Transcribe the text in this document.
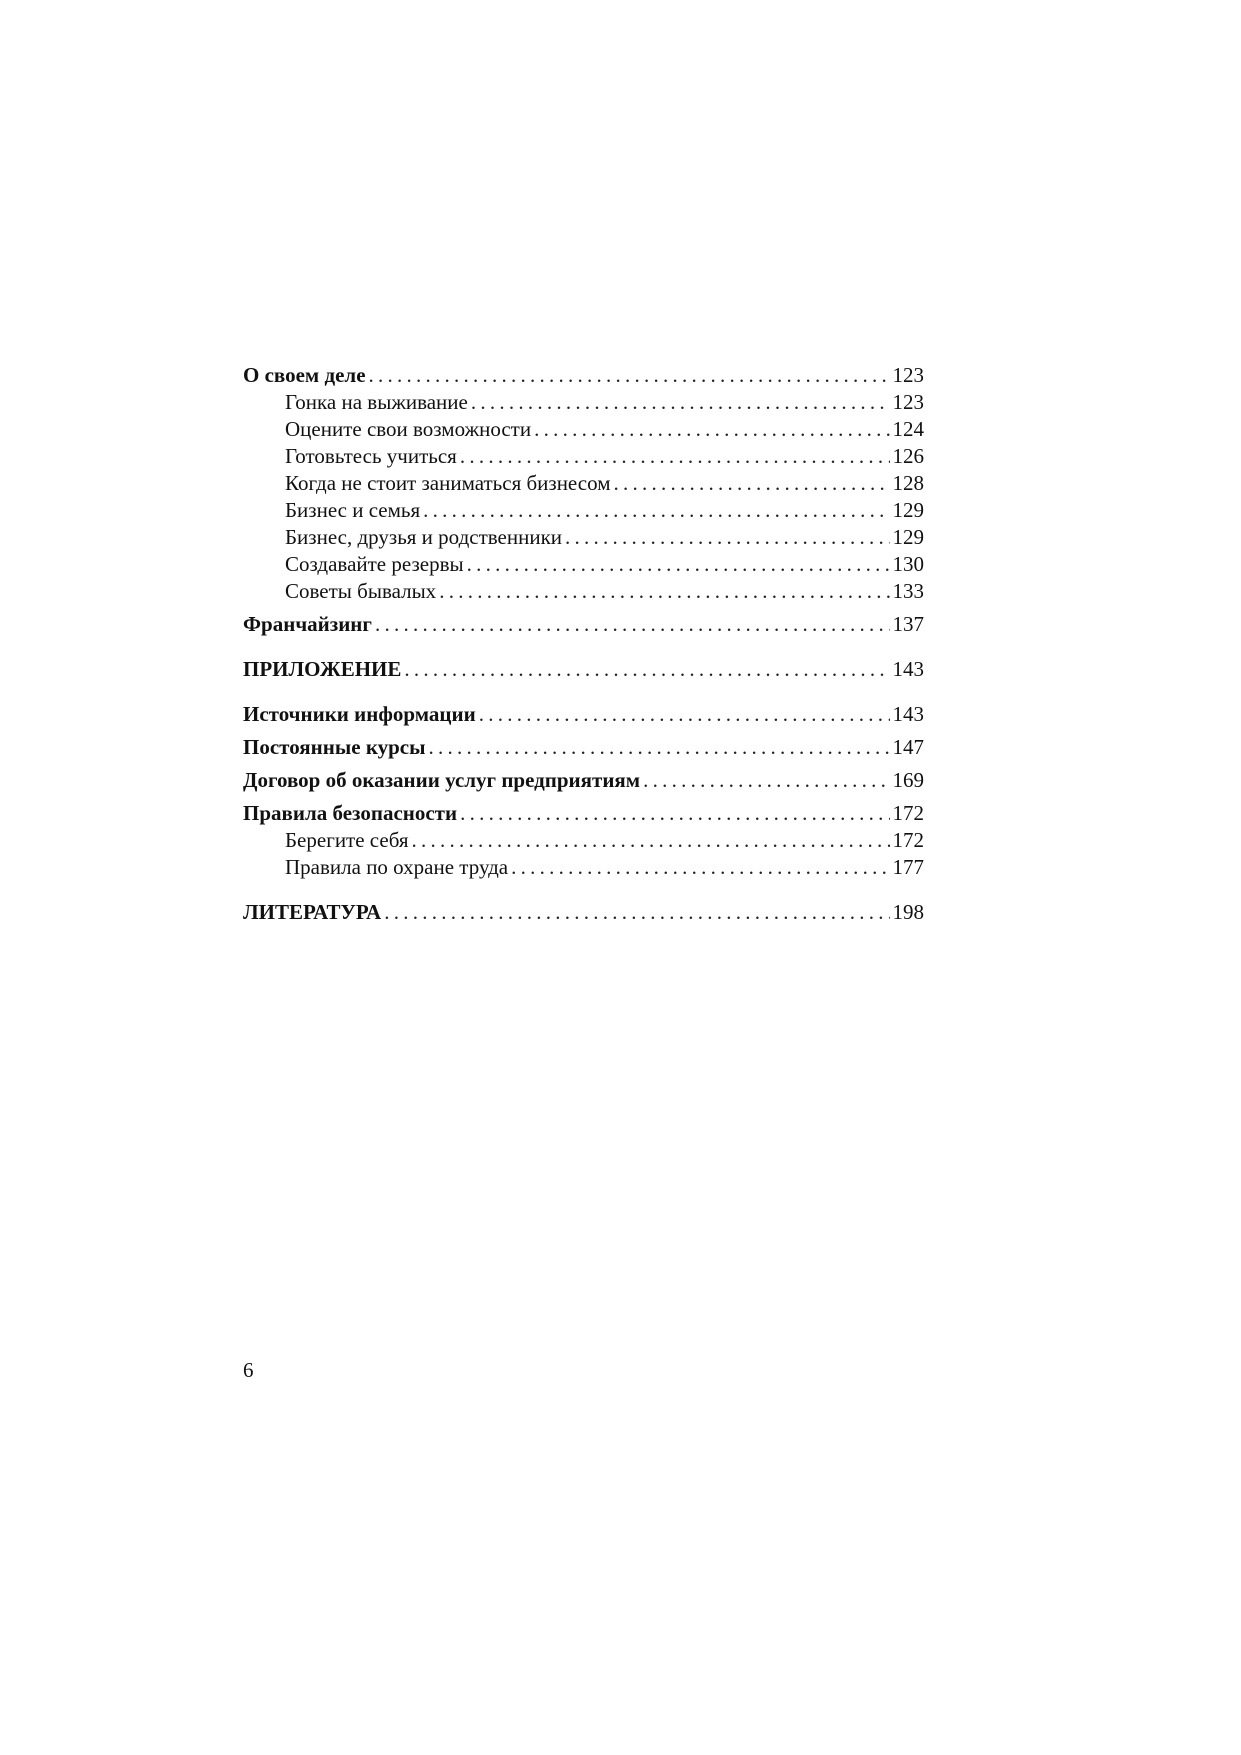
О своем деле . . .	123
Гонка на выживание . . .	123
Оцените свои возможности . . .	124
Готовьтесь учиться . . .	126
Когда не стоит заниматься бизнесом . . .	128
Бизнес и семья . . .	129
Бизнес, друзья и родственники . . .	129
Создавайте резервы . . .	130
Советы бывалых . . .	133
Франчайзинг . . .	137
ПРИЛОЖЕНИЕ . . .	143
Источники информации . . .	143
Постоянные курсы . . .	147
Договор об оказании услуг предприятиям . . .	169
Правила безопасности . . .	172
Берегите себя . . .	172
Правила по охране труда . . .	177
ЛИТЕРАТУРА . . .	198
6
